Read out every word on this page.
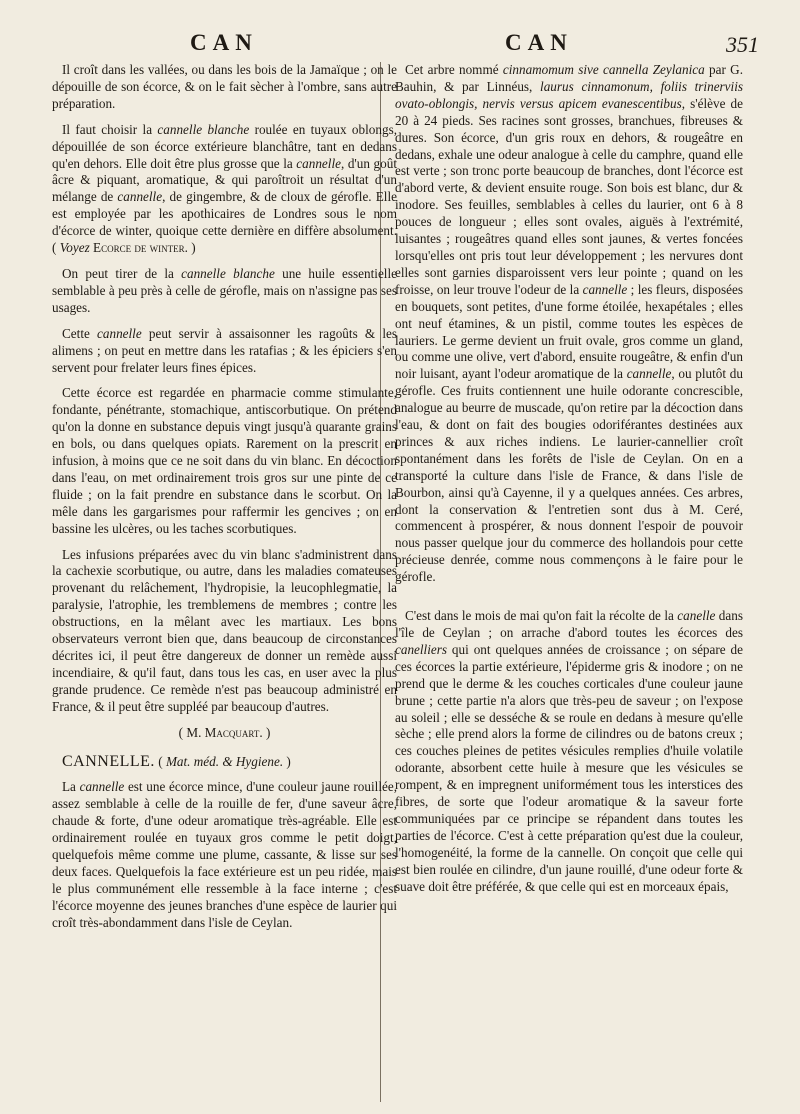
CAN	CAN	351

Il croît dans les vallées, ou dans les bois de la Jamaïque ; on le dépouille de son écorce, & on le fait sècher à l'ombre, sans autre préparation.

Il faut choisir la cannelle blanche roulée en tuyaux oblongs, dépouillée de son écorce extérieure blanchâtre, tant en dedans qu'en dehors. Elle doit être plus grosse que la cannelle, d'un goût âcre & piquant, aromatique, & qui paroîtroit un résultat d'un mélange de cannelle, de gingembre, & de cloux de gérofle. Elle est employée par les apothicaires de Londres sous le nom d'écorce de winter, quoique cette dernière en diffère absolument. ( Voyez Ecorce de winter. )

On peut tirer de la cannelle blanche une huile essentielle semblable à peu près à celle de gérofle, mais on n'assigne pas ses usages.

Cette cannelle peut servir à assaisonner les ragoûts & les alimens ; on peut en mettre dans les ratafias ; & les épiciers s'en servent pour frelater leurs fines épices.

Cette écorce est regardée en pharmacie comme stimulante, fondante, pénétrante, stomachique, antiscorbutique. On prétend qu'on la donne en substance depuis vingt jusqu'à quarante grains en bols, ou dans quelques opiats. Rarement on la prescrit en infusion, à moins que ce ne soit dans du vin blanc. En décoction dans l'eau, on met ordinairement trois gros sur une pinte de ce fluide ; on la fait prendre en substance dans le scorbut. On la mêle dans les gargarismes pour raffermir les gencives ; on en bassine les ulcères, ou les taches scorbutiques.

Les infusions préparées avec du vin blanc s'administrent dans la cachexie scorbutique, ou autre, dans les maladies comateuses provenant du relâchement, l'hydropisie, la leucophlegmatie, la paralysie, l'atrophie, les tremblemens de membres ; contre les obstructions, en la mêlant avec les martiaux. Les bons observateurs verront bien que, dans beaucoup de circonstances décrites ici, il peut être dangereux de donner un remède aussi incendiaire, & qu'il faut, dans tous les cas, en user avec la plus grande prudence. Ce remède n'est pas beaucoup administré en France, & il peut être suppléé par beaucoup d'autres.

( M. Macquart. )

CANNELLE. ( Mat. méd. & Hygiene. )

La cannelle est une écorce mince, d'une couleur jaune rouillée, assez semblable à celle de la rouille de fer, d'une saveur âcre, chaude & forte, d'une odeur aromatique très-agréable. Elle est ordinairement roulée en tuyaux gros comme le petit doigt, quelquefois même comme une plume, cassante, & lisse sur ses deux faces. Quelquefois la face extérieure est un peu ridée, mais le plus communément elle ressemble à la face interne ; c'est l'écorce moyenne des jeunes branches d'une espèce de laurier qui croît très-abondamment dans l'isle de Ceylan.

Cet arbre nommé cinnamomum sive cannella Zeylanica par G. Bauhin, & par Linnéus, laurus cinnamonum, foliis trinerviis ovato-oblongis, nervis versus apicem evanescentibus, s'élève de 20 à 24 pieds. Ses racines sont grosses, branchues, fibreuses & dures. Son écorce, d'un gris roux en dehors, & rougeâtre en dedans, exhale une odeur analogue à celle du camphre, quand elle est verte ; son tronc porte beaucoup de branches, dont l'écorce est d'abord verte, & devient ensuite rouge. Son bois est blanc, dur & inodore. Ses feuilles, semblables à celles du laurier, ont 6 à 8 pouces de longueur ; elles sont ovales, aiguës à l'extrémité, luisantes ; rougeâtres quand elles sont jaunes, & vertes foncées lorsqu'elles ont pris tout leur développement ; les nervures dont elles sont garnies disparoissent vers leur pointe ; quand on les froisse, on leur trouve l'odeur de la cannelle ; les fleurs, disposées en bouquets, sont petites, d'une forme étoilée, hexapétales ; elles ont neuf étamines, & un pistil, comme toutes les espèces de lauriers. Le germe devient un fruit ovale, gros comme un gland, ou comme une olive, vert d'abord, ensuite rougeâtre, & enfin d'un noir luisant, ayant l'odeur aromatique de la cannelle, ou plutôt du gérofle. Ces fruits contiennent une huile odorante concrescible, analogue au beurre de muscade, qu'on retire par la décoction dans l'eau, & dont on fait des bougies odoriférantes destinées aux princes & aux riches indiens. Le laurier-cannellier croît spontanément dans les forêts de l'isle de Ceylan. On en a transporté la culture dans l'isle de France, & dans l'isle de Bourbon, ainsi qu'à Cayenne, il y a quelques années. Ces arbres, dont la conservation & l'entretien sont dus à M. Ceré, commencent à prospérer, & nous donnent l'espoir de pouvoir nous passer quelque jour du commerce des hollandois pour cette précieuse denrée, comme nous commençons à le faire pour le gérofle.

C'est dans le mois de mai qu'on fait la récolte de la canelle dans l'île de Ceylan ; on arrache d'abord toutes les écorces des canelliers qui ont quelques années de croissance ; on sépare de ces écorces la partie extérieure, l'épiderme gris & inodore ; on ne prend que le derme & les couches corticales d'une couleur jaune brune ; cette partie n'a alors que très-peu de saveur ; on l'expose au soleil ; elle se desséche & se roule en dedans à mesure qu'elle sèche ; elle prend alors la forme de cilindres ou de batons creux ; ces couches pleines de petites vésicules remplies d'huile volatile odorante, absorbent cette huile à mesure que les vésicules se rompent, & en impregnent uniformément tous les interstices des fibres, de sorte que l'odeur aromatique & la saveur forte communiquées par ce principe se répandent dans toutes les parties de l'écorce. C'est à cette préparation qu'est due la couleur, l'homogenéité, la forme de la cannelle. On conçoit que celle qui est bien roulée en cilindre, d'un jaune rouillé, d'une odeur forte & suave doit être préférée, & que celle qui est en morceaux épais,
